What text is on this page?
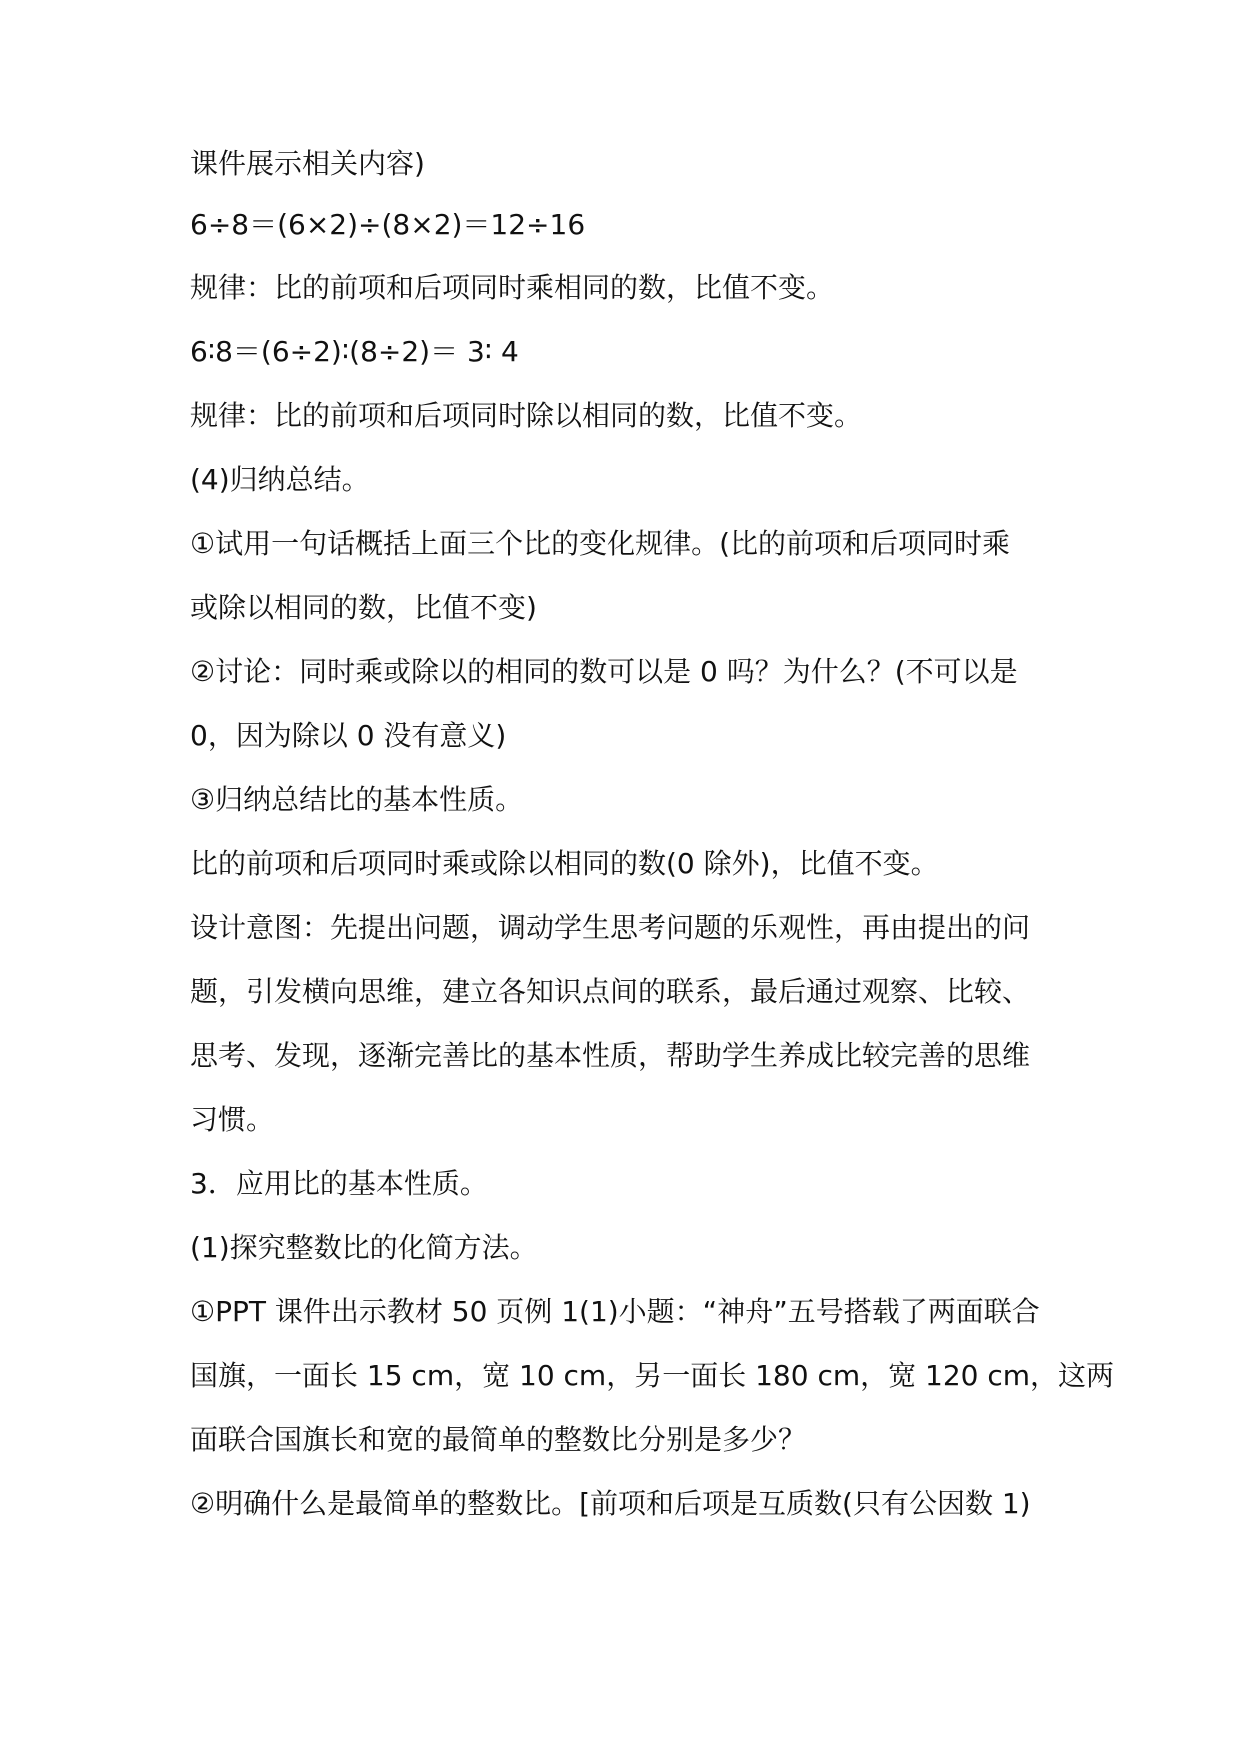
课件展示相关内容)
6÷8＝(6×2)÷(8×2)＝12÷16
规律：比的前项和后项同时乘相同的数，比值不变。
6∶8＝(6÷2)∶(8÷2)＝ 3∶ 4
规律：比的前项和后项同时除以相同的数，比值不变。
(4)归纳总结。
①试用一句话概括上面三个比的变化规律。(比的前项和后项同时乘
或除以相同的数，比值不变)
②讨论：同时乘或除以的相同的数可以是 0 吗？为什么？(不可以是
0，因为除以 0 没有意义)
③归纳总结比的基本性质。
比的前项和后项同时乘或除以相同的数(0 除外)，比值不变。
设计意图：先提出问题，调动学生思考问题的乐观性，再由提出的问
题，引发横向思维，建立各知识点间的联系，最后通过观察、比较、
思考、发现，逐渐完善比的基本性质，帮助学生养成比较完善的思维
习惯。
3．应用比的基本性质。
(1)探究整数比的化简方法。
①PPT 课件出示教材 50 页例 1(1)小题：“神舟”五号搭载了两面联合
国旗，一面长 15 cm，宽 10 cm，另一面长 180 cm，宽 120 cm，这两
面联合国旗长和宽的最简单的整数比分别是多少？
②明确什么是最简单的整数比。[前项和后项是互质数(只有公因数 1)
